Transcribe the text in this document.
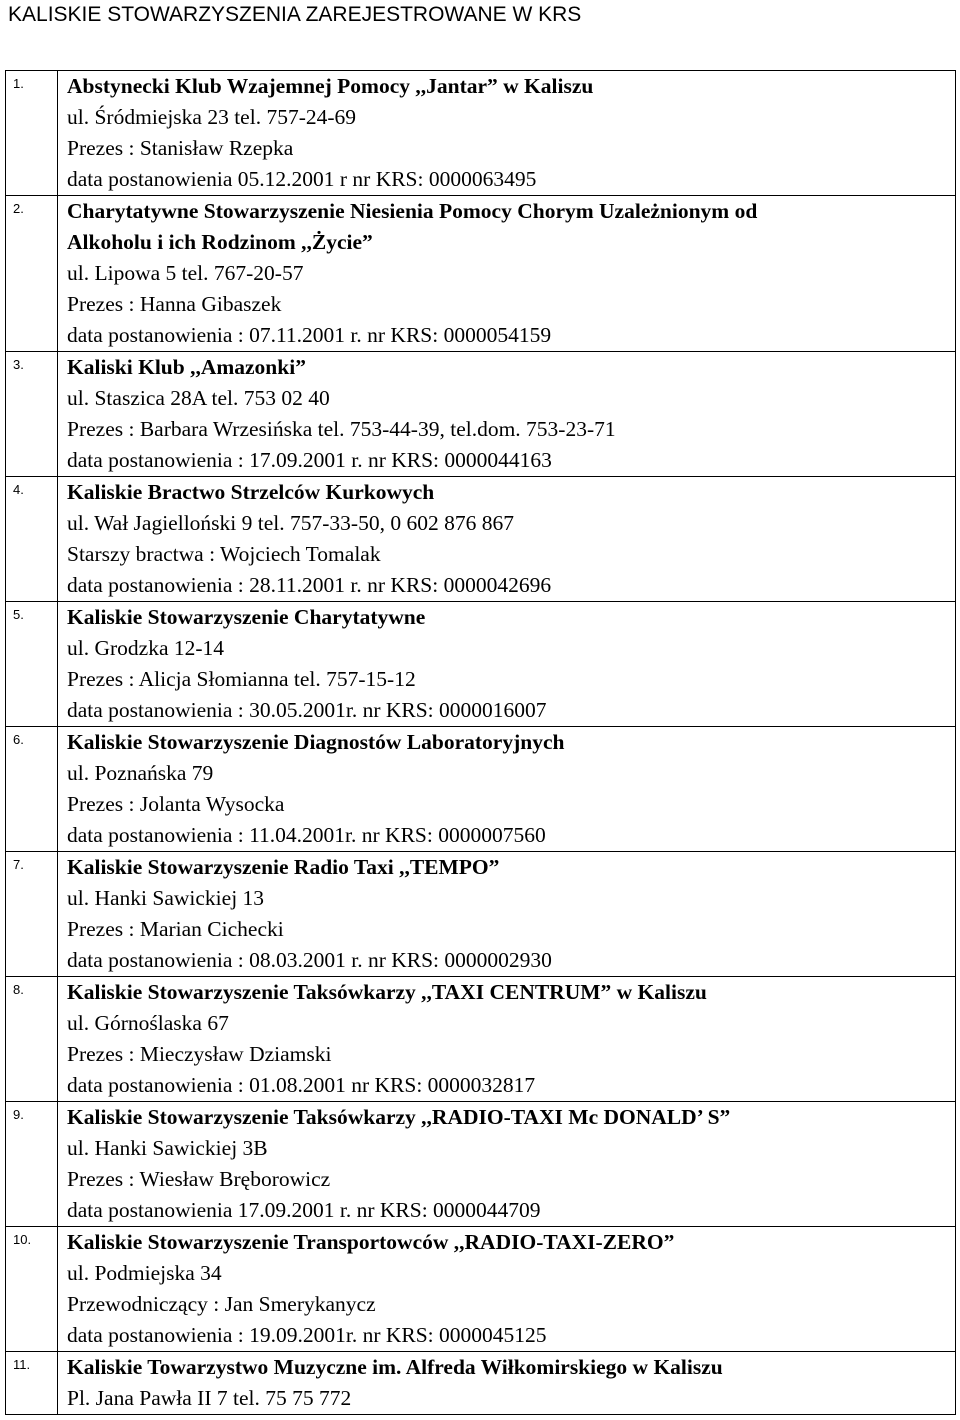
KALISKIE STOWARZYSZENIA ZAREJESTROWANE W KRS
1.	Abstynecki Klub Wzajemnej Pomocy ,,Jantar” w Kaliszu
ul. Śródmiejska 23 tel. 757-24-69
Prezes : Stanisław Rzepka
data postanowienia 05.12.2001 r nr KRS: 0000063495

2.	Charytatywne Stowarzyszenie Niesienia Pomocy Chorym Uzależnionym od
Alkoholu i ich Rodzinom ,,Życie”
ul. Lipowa 5 tel. 767-20-57
Prezes : Hanna Gibaszek
data postanowienia : 07.11.2001 r. nr KRS: 0000054159

3.	Kaliski Klub ,,Amazonki”
ul. Staszica 28A tel. 753 02 40
Prezes : Barbara Wrzesińska tel. 753-44-39, tel.dom. 753-23-71
data postanowienia : 17.09.2001 r. nr KRS: 0000044163

4.	Kaliskie Bractwo Strzelców Kurkowych
ul. Wał Jagielloński 9 tel. 757-33-50, 0 602 876 867
Starszy bractwa : Wojciech Tomalak
data postanowienia : 28.11.2001 r. nr KRS: 0000042696

5.	Kaliskie Stowarzyszenie Charytatywne
ul. Grodzka 12-14
Prezes : Alicja Słomianna tel. 757-15-12
data postanowienia : 30.05.2001r. nr KRS: 0000016007

6.	Kaliskie Stowarzyszenie Diagnostów Laboratoryjnych
ul. Poznańska 79
Prezes : Jolanta Wysocka
data postanowienia : 11.04.2001r. nr KRS: 0000007560

7.	Kaliskie Stowarzyszenie Radio Taxi ,,TEMPO”
ul. Hanki Sawickiej 13
Prezes : Marian Cichecki
data postanowienia : 08.03.2001 r. nr KRS: 0000002930

8.	Kaliskie Stowarzyszenie Taksówkarzy ,,TAXI CENTRUM” w Kaliszu
ul. Górnoślaska 67
Prezes : Mieczysław Dziamski
data postanowienia : 01.08.2001 nr KRS: 0000032817

9.	Kaliskie Stowarzyszenie Taksówkarzy ,,RADIO-TAXI Mc DONALD’ S”
ul. Hanki Sawickiej 3B
Prezes : Wiesław Bręborowicz
data postanowienia 17.09.2001 r. nr KRS: 0000044709

10.	Kaliskie Stowarzyszenie Transportowców ,,RADIO-TAXI-ZERO”
ul. Podmiejska 34
Przewodniczący : Jan Smerykanycz
data postanowienia : 19.09.2001r. nr KRS: 0000045125

11.	Kaliskie Towarzystwo Muzyczne im. Alfreda Wiłkomirskiego w Kaliszu
Pl. Jana Pawła II 7 tel. 75 75 772
